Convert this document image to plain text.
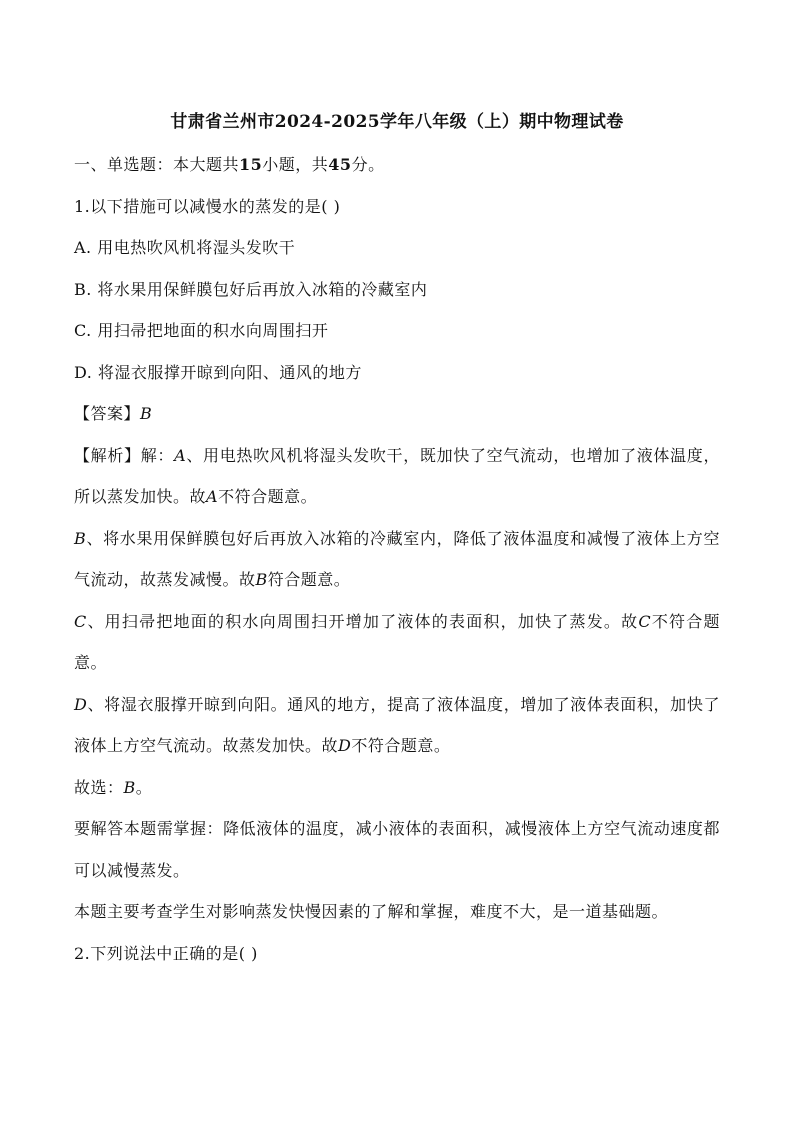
甘肃省兰州市2024-2025学年八年级（上）期中物理试卷

一、单选题：本大题共15小题，共45分。

1.以下措施可以减慢水的蒸发的是( )

A. 用电热吹风机将湿头发吹干

B. 将水果用保鲜膜包好后再放入冰箱的冷藏室内

C. 用扫帚把地面的积水向周围扫开

D. 将湿衣服撑开晾到向阳、通风的地方

【答案】B

【解析】解：A、用电热吹风机将湿头发吹干，既加快了空气流动，也增加了液体温度，所以蒸发加快。故A不符合题意。

B、将水果用保鲜膜包好后再放入冰箱的冷藏室内，降低了液体温度和减慢了液体上方空气流动，故蒸发减慢。故B符合题意。

C、用扫帚把地面的积水向周围扫开增加了液体的表面积，加快了蒸发。故C不符合题意。

D、将湿衣服撑开晾到向阳。通风的地方，提高了液体温度，增加了液体表面积，加快了液体上方空气流动。故蒸发加快。故D不符合题意。

故选：B。

要解答本题需掌握：降低液体的温度，减小液体的表面积，减慢液体上方空气流动速度都可以减慢蒸发。

本题主要考查学生对影响蒸发快慢因素的了解和掌握，难度不大，是一道基础题。

2.下列说法中正确的是( )
